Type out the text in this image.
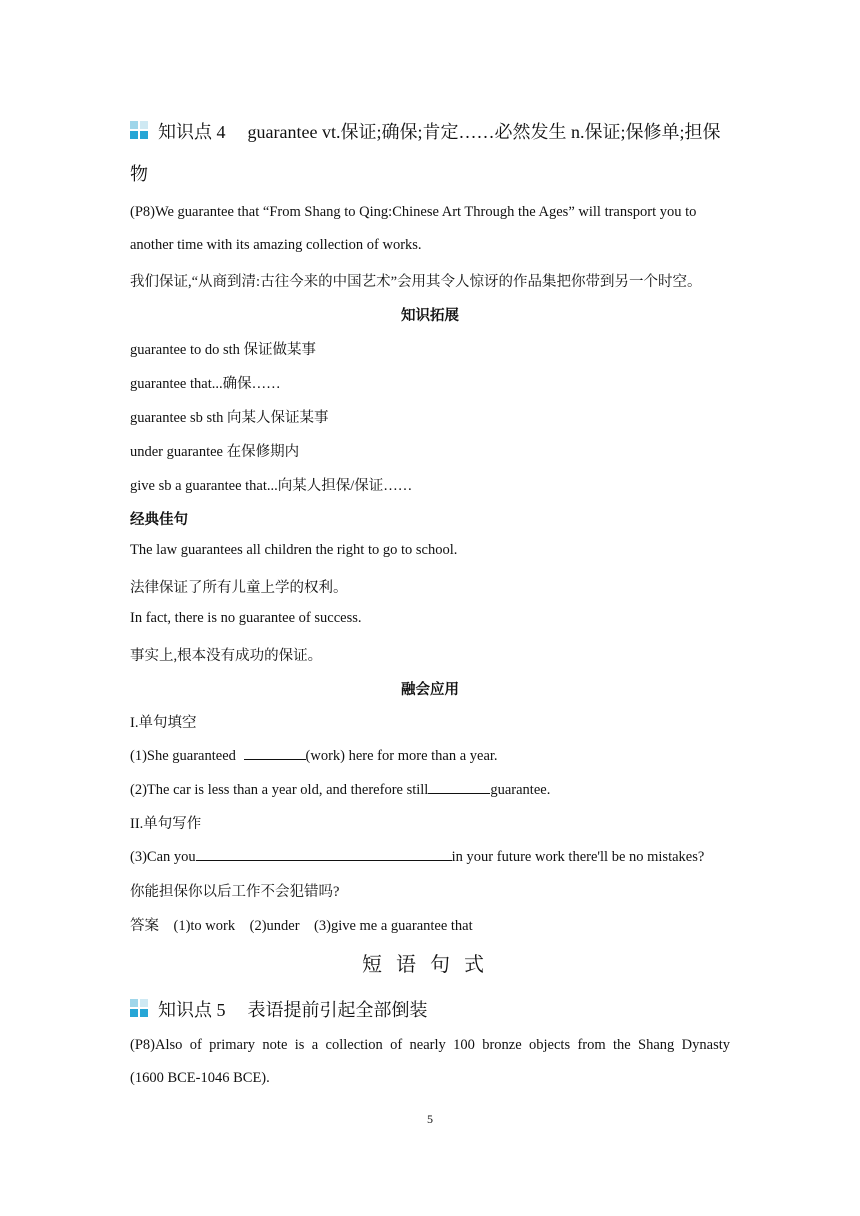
知识点 4 guarantee vt.保证;确保;肯定……必然发生 n.保证;保修单;担保
物
(P8)We guarantee that “From Shang to Qing:Chinese Art Through the Ages” will transport you to
another time with its amazing collection of works.
我们保证,“从商到清:古往今来的中国艺术”会用其令人惊讶的作品集把你带到另一个时空。
知识拓展
guarantee to do sth 保证做某事
guarantee that...确保……
guarantee sb sth 向某人保证某事
under guarantee 在保修期内
give sb a guarantee that...向某人担保/保证……
经典佳句
The law guarantees all children the right to go to school.
法律保证了所有儿童上学的权利。
In fact, there is no guarantee of success.
事实上,根本没有成功的保证。
融会应用
I.单句填空
(1)She guaranteed	(work) here for more than a year.
(2)The car is less than a year old, and therefore still	guarantee.
II.单句写作
(3)Can you	in your future work there'll be no mistakes?
你能担保你以后工作不会犯错吗?
答案　(1)to work　(2)under　(3)give me a guarantee that
短语句式
知识点 5 表语提前引起全部倒装
(P8)Also of primary note is a collection of nearly 100 bronze objects from the Shang Dynasty
(1600 BCE-1046 BCE).
5
